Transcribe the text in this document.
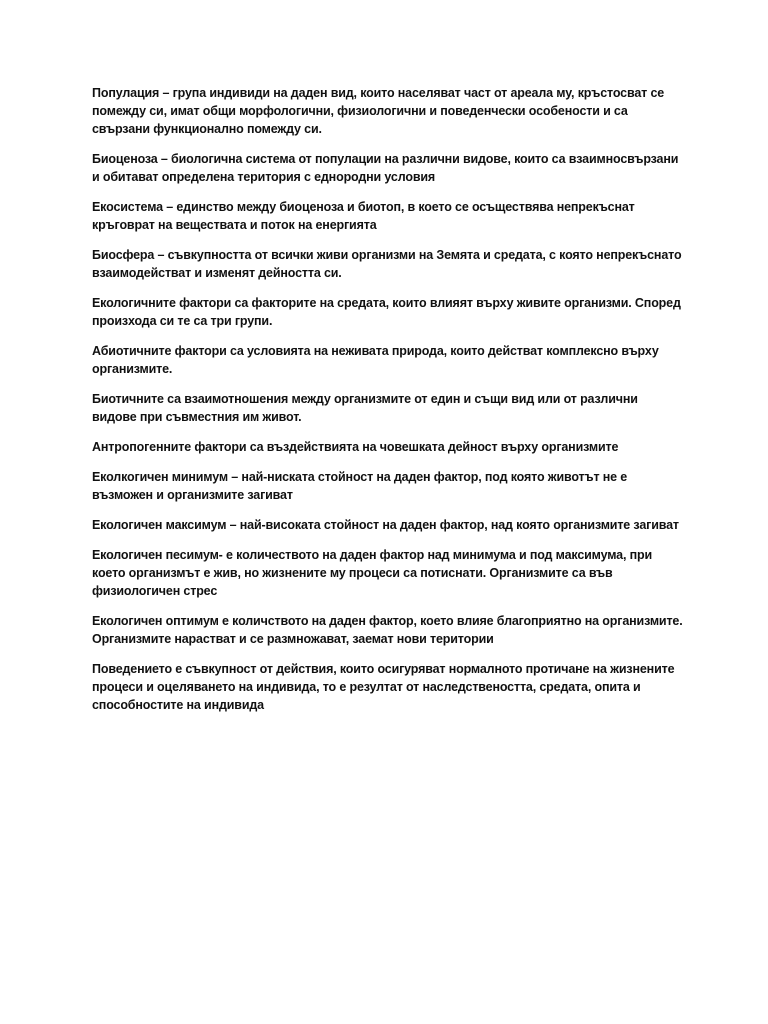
Популация – група индивиди на даден вид, които населяват част от ареала му, кръстосват се помежду си, имат общи морфологични, физиологични и поведенчески особености и са свързани функционално помежду си.

Биоценоза – биологична система от популации на различни видове, които са взаимносвързани и обитават определена територия с еднородни условия

Екосистема – единство между биоценоза и биотоп, в което се осъществява непрекъснат кръговрат на веществата и поток на енергията

Биосфера – съвкупността от всички живи организми на Земята и средата, с която непрекъснато взаимодействат и изменят дейността си.

Екологичните фактори са факторите на средата, които влияят върху живите организми. Според произхода си те са три групи.

Абиотичните фактори са условията на неживата природа, които действат комплексно върху организмите.

Биотичните са взаимотношения между организмите от един и същи вид или от различни видове при съвместния им живот.

Антропогенните фактори са въздействията на човешката дейност върху организмите

Еколкогичен минимум – най-ниската стойност на даден фактор, под която животът не е възможен и организмите загиват

Екологичен максимум – най-високата стойност на даден фактор, над която организмите загиват

Екологичен песимум- е количеството на даден фактор над минимума и под максимума, при което организмът е жив, но жизнените му процеси са потиснати. Организмите са във физиологичен стрес

Екологичен оптимум е количството на даден фактор, което влияе благоприятно на организмите. Организмите нарастват и се размножават, заемат нови територии

Поведението е съвкупност от действия, които осигуряват нормалното протичане на жизнените процеси и оцеляването на индивида, то е резултат от наследствеността, средата, опита и способностите на индивида
